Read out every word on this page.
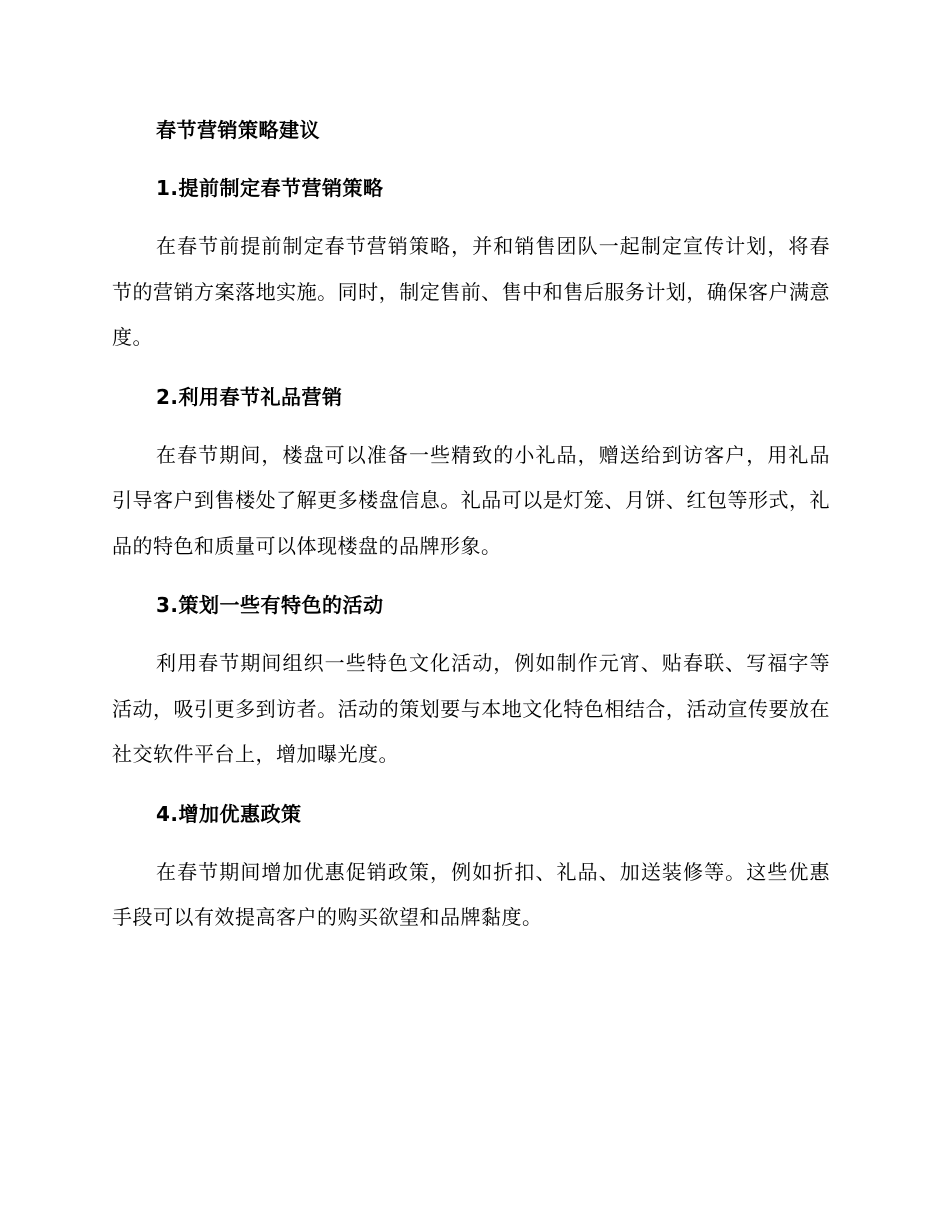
春节营销策略建议
1.提前制定春节营销策略

在春节前提前制定春节营销策略，并和销售团队一起制定宣传计划，将春节的营销方案落地实施。同时，制定售前、售中和售后服务计划，确保客户满意度。

2.利用春节礼品营销

在春节期间，楼盘可以准备一些精致的小礼品，赠送给到访客户，用礼品引导客户到售楼处了解更多楼盘信息。礼品可以是灯笼、月饼、红包等形式，礼品的特色和质量可以体现楼盘的品牌形象。

3.策划一些有特色的活动

利用春节期间组织一些特色文化活动，例如制作元宵、贴春联、写福字等活动，吸引更多到访者。活动的策划要与本地文化特色相结合，活动宣传要放在社交软件平台上，增加曝光度。

4.增加优惠政策

在春节期间增加优惠促销政策，例如折扣、礼品、加送装修等。这些优惠手段可以有效提高客户的购买欲望和品牌黏度。
